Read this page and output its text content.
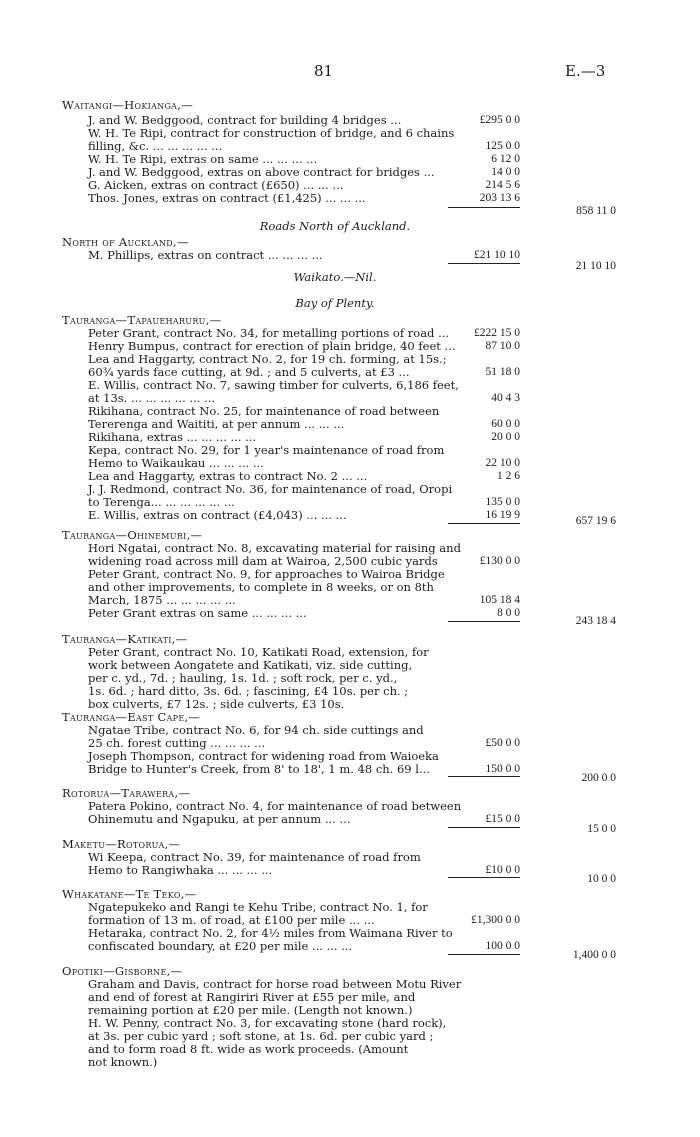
81	E.—3
Waitangi—Hokianga,—
J. and W. Bedggood, contract for building 4 bridges ...	£295 0 0
W. H. Te Ripi, contract for construction of bridge, and 6 chains
filling, &c. ... ... ... ... ...	125 0 0
W. H. Te Ripi, extras on same ... ... ... ...	6 12 0
J. and W. Bedggood, extras on above contract for bridges ...	14 0 0
G. Aicken, extras on contract (£650) ... ... ...	214 5 6
Thos. Jones, extras on contract (£1,425) ... ... ...	203 13 6
858 11 0
Roads North of Auckland.
North of Auckland,—
M. Phillips, extras on contract ... ... ... ...	£21 10 10
21 10 10
Waikato.—Nil.
Bay of Plenty.
Tauranga—Tapaueharuru,—
Peter Grant, contract No. 34, for metalling portions of road ...	£222 15 0
Henry Bumpus, contract for erection of plain bridge, 40 feet ...	87 10 0
Lea and Haggarty, contract No. 2, for 19 ch. forming, at 15s.;
60¾ yards face cutting, at 9d. ; and 5 culverts, at £3 ...	51 18 0
E. Willis, contract No. 7, sawing timber for culverts, 6,186 feet,
at 13s. ... ... ... ... ... ...	40 4 3
Rikihana, contract No. 25, for maintenance of road between
Tererenga and Waititi, at per annum ... ... ...	60 0 0
Rikihana, extras ... ... ... ... ...	20 0 0
Kepa, contract No. 29, for 1 year's maintenance of road from
Hemo to Waikaukau ... ... ... ...	22 10 0
Lea and Haggarty, extras to contract No. 2 ... ...	1 2 6
J. J. Redmond, contract No. 36, for maintenance of road, Oropi
to Terenga... ... ... ... ... ...	135 0 0
E. Willis, extras on contract (£4,043) ... ... ...	16 19 9	657 19 6
Tauranga—Ohinemuri,—
Hori Ngatai, contract No. 8, excavating material for raising and
widening road across mill dam at Wairoa, 2,500 cubic yards	£130 0 0
Peter Grant, contract No. 9, for approaches to Wairoa Bridge
and other improvements, to complete in 8 weeks, or on 8th
March, 1875 ... ... ... ... ...	105 18 4
Peter Grant extras on same ... ... ... ...	8 0 0
243 18 4
Tauranga—Katikati,—
Peter Grant, contract No. 10, Katikati Road, extension, for
work between Aongatete and Katikati, viz. side cutting,
per c. yd., 7d. ; hauling, 1s. 1d. ; soft rock, per c. yd.,
1s. 6d. ; hard ditto, 3s. 6d. ; fascining, £4 10s. per ch. ;
box culverts, £7 12s. ; side culverts, £3 10s.
Tauranga—East Cape,—
Ngatae Tribe, contract No. 6, for 94 ch. side cuttings and
25 ch. forest cutting ... ... ... ...	£50 0 0
Joseph Thompson, contract for widening road from Waioeka
Bridge to Hunter's Creek, from 8' to 18', 1 m. 48 ch. 69 l...	150 0 0
200 0 0
Rotorua—Tarawera,—
Patera Pokino, contract No. 4, for maintenance of road between
Ohinemutu and Ngapuku, at per annum ... ...	£15 0 0
15 0 0
Maketu—Rotorua,—
Wi Keepa, contract No. 39, for maintenance of road from
Hemo to Rangiwhaka ... ... ... ...	£10 0 0
10 0 0
Whakatane—Te Teko,—
Ngatepukeko and Rangi te Kehu Tribe, contract No. 1, for
formation of 13 m. of road, at £100 per mile ... ...	£1,300 0 0
Hetaraka, contract No. 2, for 4½ miles from Waimana River to
confiscated boundary, at £20 per mile ... ... ...	100 0 0
1,400 0 0
Opotiki—Gisborne,—
Graham and Davis, contract for horse road between Motu River
and end of forest at Rangiriri River at £55 per mile, and
remaining portion at £20 per mile. (Length not known.)
H. W. Penny, contract No. 3, for excavating stone (hard rock),
at 3s. per cubic yard ; soft stone, at 1s. 6d. per cubic yard ;
and to form road 8 ft. wide as work proceeds. (Amount
not known.)
